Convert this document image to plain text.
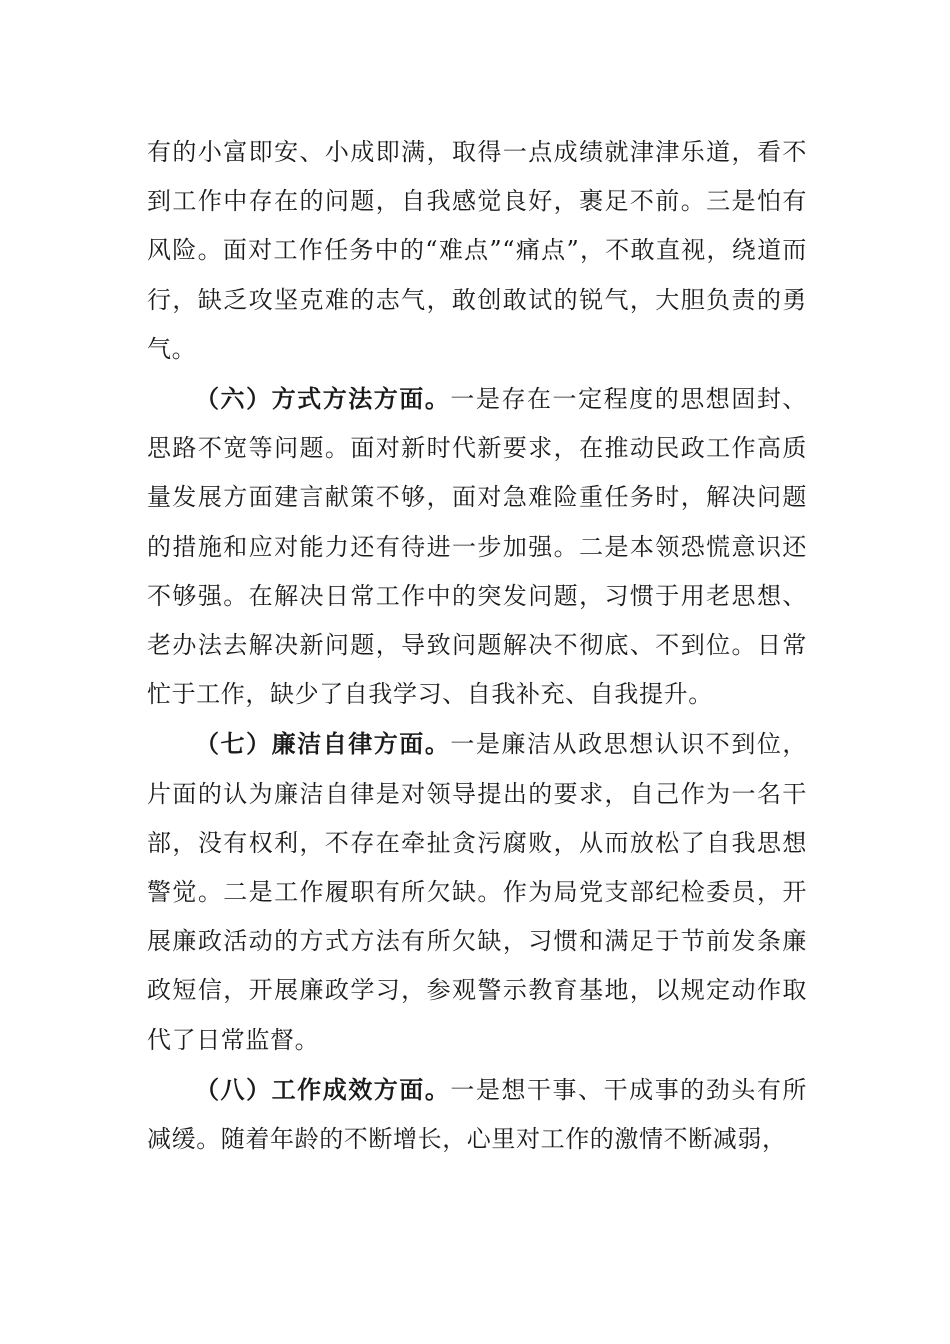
有的小富即安、小成即满，取得一点成绩就津津乐道，看不到工作中存在的问题，自我感觉良好，裹足不前。三是怕有风险。面对工作任务中的“难点”“痛点”，不敢直视，绕道而行，缺乏攻坚克难的志气，敢创敢试的锐气，大胆负责的勇气。

（六）方式方法方面。一是存在一定程度的思想固封、思路不宽等问题。面对新时代新要求，在推动民政工作高质量发展方面建言献策不够，面对急难险重任务时，解决问题的措施和应对能力还有待进一步加强。二是本领恐慌意识还不够强。在解决日常工作中的突发问题，习惯于用老思想、老办法去解决新问题，导致问题解决不彻底、不到位。日常忙于工作，缺少了自我学习、自我补充、自我提升。

（七）廉洁自律方面。一是廉洁从政思想认识不到位，片面的认为廉洁自律是对领导提出的要求，自己作为一名干部，没有权利，不存在牵扯贪污腐败，从而放松了自我思想警觉。二是工作履职有所欠缺。作为局党支部纪检委员，开展廉政活动的方式方法有所欠缺，习惯和满足于节前发条廉政短信，开展廉政学习，参观警示教育基地，以规定动作取代了日常监督。

（八）工作成效方面。一是想干事、干成事的劲头有所减缓。随着年龄的不断增长，心里对工作的激情不断减弱，
